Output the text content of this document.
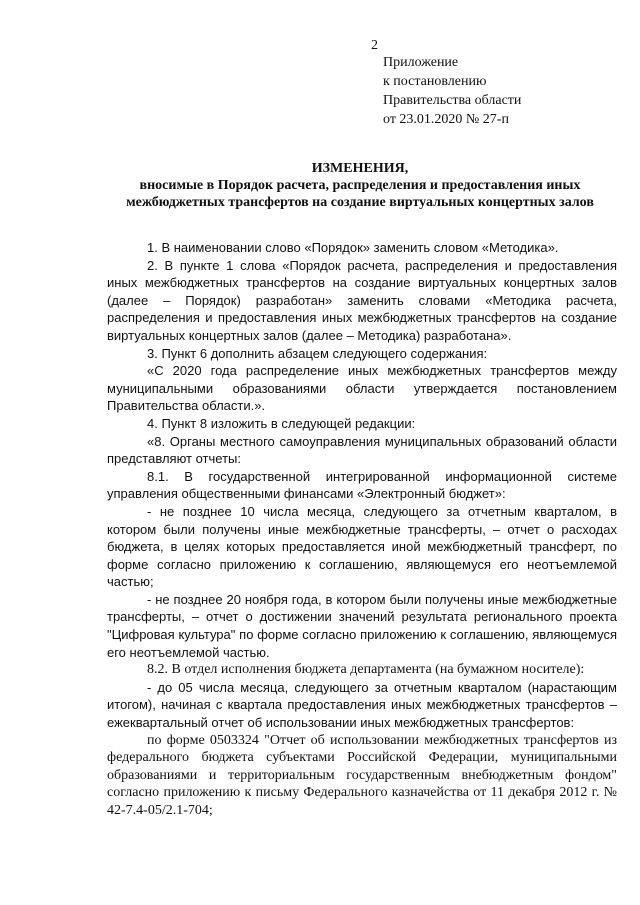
2
Приложение
к постановлению
Правительства области
от 23.01.2020 № 27-п
ИЗМЕНЕНИЯ,
вносимые в Порядок расчета, распределения и предоставления иных межбюджетных трансфертов на создание виртуальных концертных залов

1. В наименовании слово «Порядок» заменить словом «Методика».

2. В пункте 1 слова «Порядок расчета, распределения и предоставления иных межбюджетных трансфертов на создание виртуальных концертных залов (далее – Порядок) разработан» заменить словами «Методика расчета, распределения и предоставления иных межбюджетных трансфертов на создание виртуальных концертных залов (далее – Методика) разработана».

3. Пункт 6 дополнить абзацем следующего содержания:

«С 2020 года распределение иных межбюджетных трансфертов между муниципальными образованиями области утверждается постановлением Правительства области.».

4. Пункт 8 изложить в следующей редакции:

«8. Органы местного самоуправления муниципальных образований области представляют отчеты:

8.1. В государственной интегрированной информационной системе управления общественными финансами «Электронный бюджет»:

- не позднее 10 числа месяца, следующего за отчетным кварталом, в котором были получены иные межбюджетные трансферты, – отчет о расходах бюджета, в целях которых предоставляется иной межбюджетный трансферт, по форме согласно приложению к соглашению, являющемуся его неотъемлемой частью;

- не позднее 20 ноября года, в котором были получены иные межбюджетные трансферты, – отчет о достижении значений результата регионального проекта "Цифровая культура" по форме согласно приложению к соглашению, являющемуся его неотъемлемой частью.

8.2. В отдел исполнения бюджета департамента (на бумажном носителе):

- до 05 числа месяца, следующего за отчетным кварталом (нарастающим итогом), начиная с квартала предоставления иных межбюджетных трансфертов – ежеквартальный отчет об использовании иных межбюджетных трансфертов:

по форме 0503324 "Отчет об использовании межбюджетных трансфертов из федерального бюджета субъектами Российской Федерации, муниципальными образованиями и территориальным государственным внебюджетным фондом" согласно приложению к письму Федерального казначейства от 11 декабря 2012 г. № 42-7.4-05/2.1-704;
